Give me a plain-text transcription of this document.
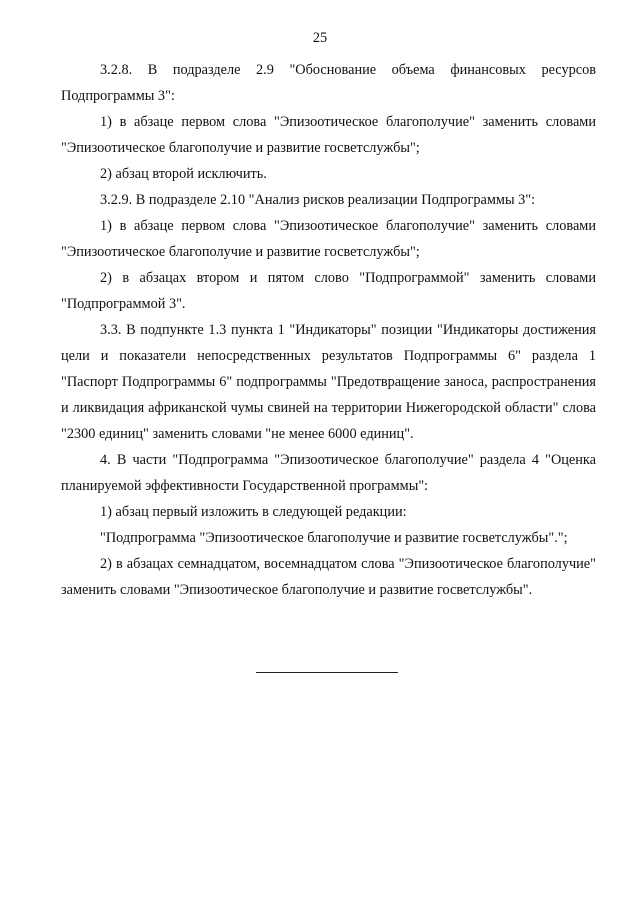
25

3.2.8. В подразделе 2.9 "Обоснование объема финансовых ресурсов Подпрограммы 3":

1) в абзаце первом слова "Эпизоотическое благополучие" заменить словами "Эпизоотическое благополучие и развитие госветслужбы";

2) абзац второй исключить.

3.2.9. В подразделе 2.10 "Анализ рисков реализации Подпрограммы 3":

1) в абзаце первом слова "Эпизоотическое благополучие" заменить словами "Эпизоотическое благополучие и развитие госветслужбы";

2) в абзацах втором и пятом слово "Подпрограммой" заменить словами "Подпрограммой 3".

3.3. В подпункте 1.3 пункта 1 "Индикаторы" позиции "Индикаторы достижения цели и показатели непосредственных результатов Подпрограммы 6" раздела 1 "Паспорт Подпрограммы 6" подпрограммы "Предотвращение заноса, распространения и ликвидация африканской чумы свиней на территории Нижегородской области" слова "2300 единиц" заменить словами "не менее 6000 единиц".

4. В части "Подпрограмма "Эпизоотическое благополучие" раздела 4 "Оценка планируемой эффективности Государственной программы":

1) абзац первый изложить в следующей редакции:

"Подпрограмма "Эпизоотическое благополучие и развитие госветслужбы".";

2) в абзацах семнадцатом, восемнадцатом слова "Эпизоотическое благополучие" заменить словами "Эпизоотическое благополучие и развитие госветслужбы".
